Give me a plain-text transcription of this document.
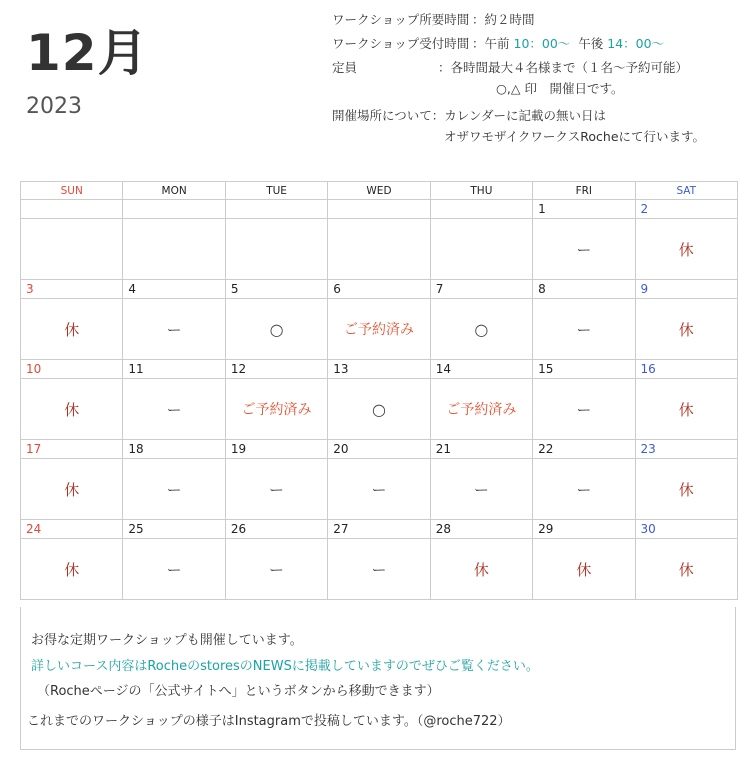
12月
2023
ワークショップ所要時間 ：約２時間
ワークショップ受付時間 ：午前 10：00〜 午後 14：00〜
定員	：各時間最大４名様まで（１名〜予約可能）
○,△ 印　開催日です。
開催場所について：カレンダーに記載の無い日は
オザワモザイクワークスRocheにて行います。
SUN	MON	TUE	WED	THU	FRI	SAT
					1	2
					ー	休
3	4	5	6	7	8	9
休	ー	○	ご予約済み	○	ー	休
10	11	12	13	14	15	16
休	ー	ご予約済み	○	ご予約済み	ー	休
17	18	19	20	21	22	23
休	ー	ー	ー	ー	ー	休
24	25	26	27	28	29	30
休	ー	ー	ー	休	休	休
お得な定期ワークショップも開催しています。
詳しいコース内容はRocheのstoresのNEWSに掲載していますのでぜひご覧ください。
（Rocheページの「公式サイトへ」というボタンから移動できます）
これまでのワークショップの様子はInstagramで投稿しています。（@roche722）
